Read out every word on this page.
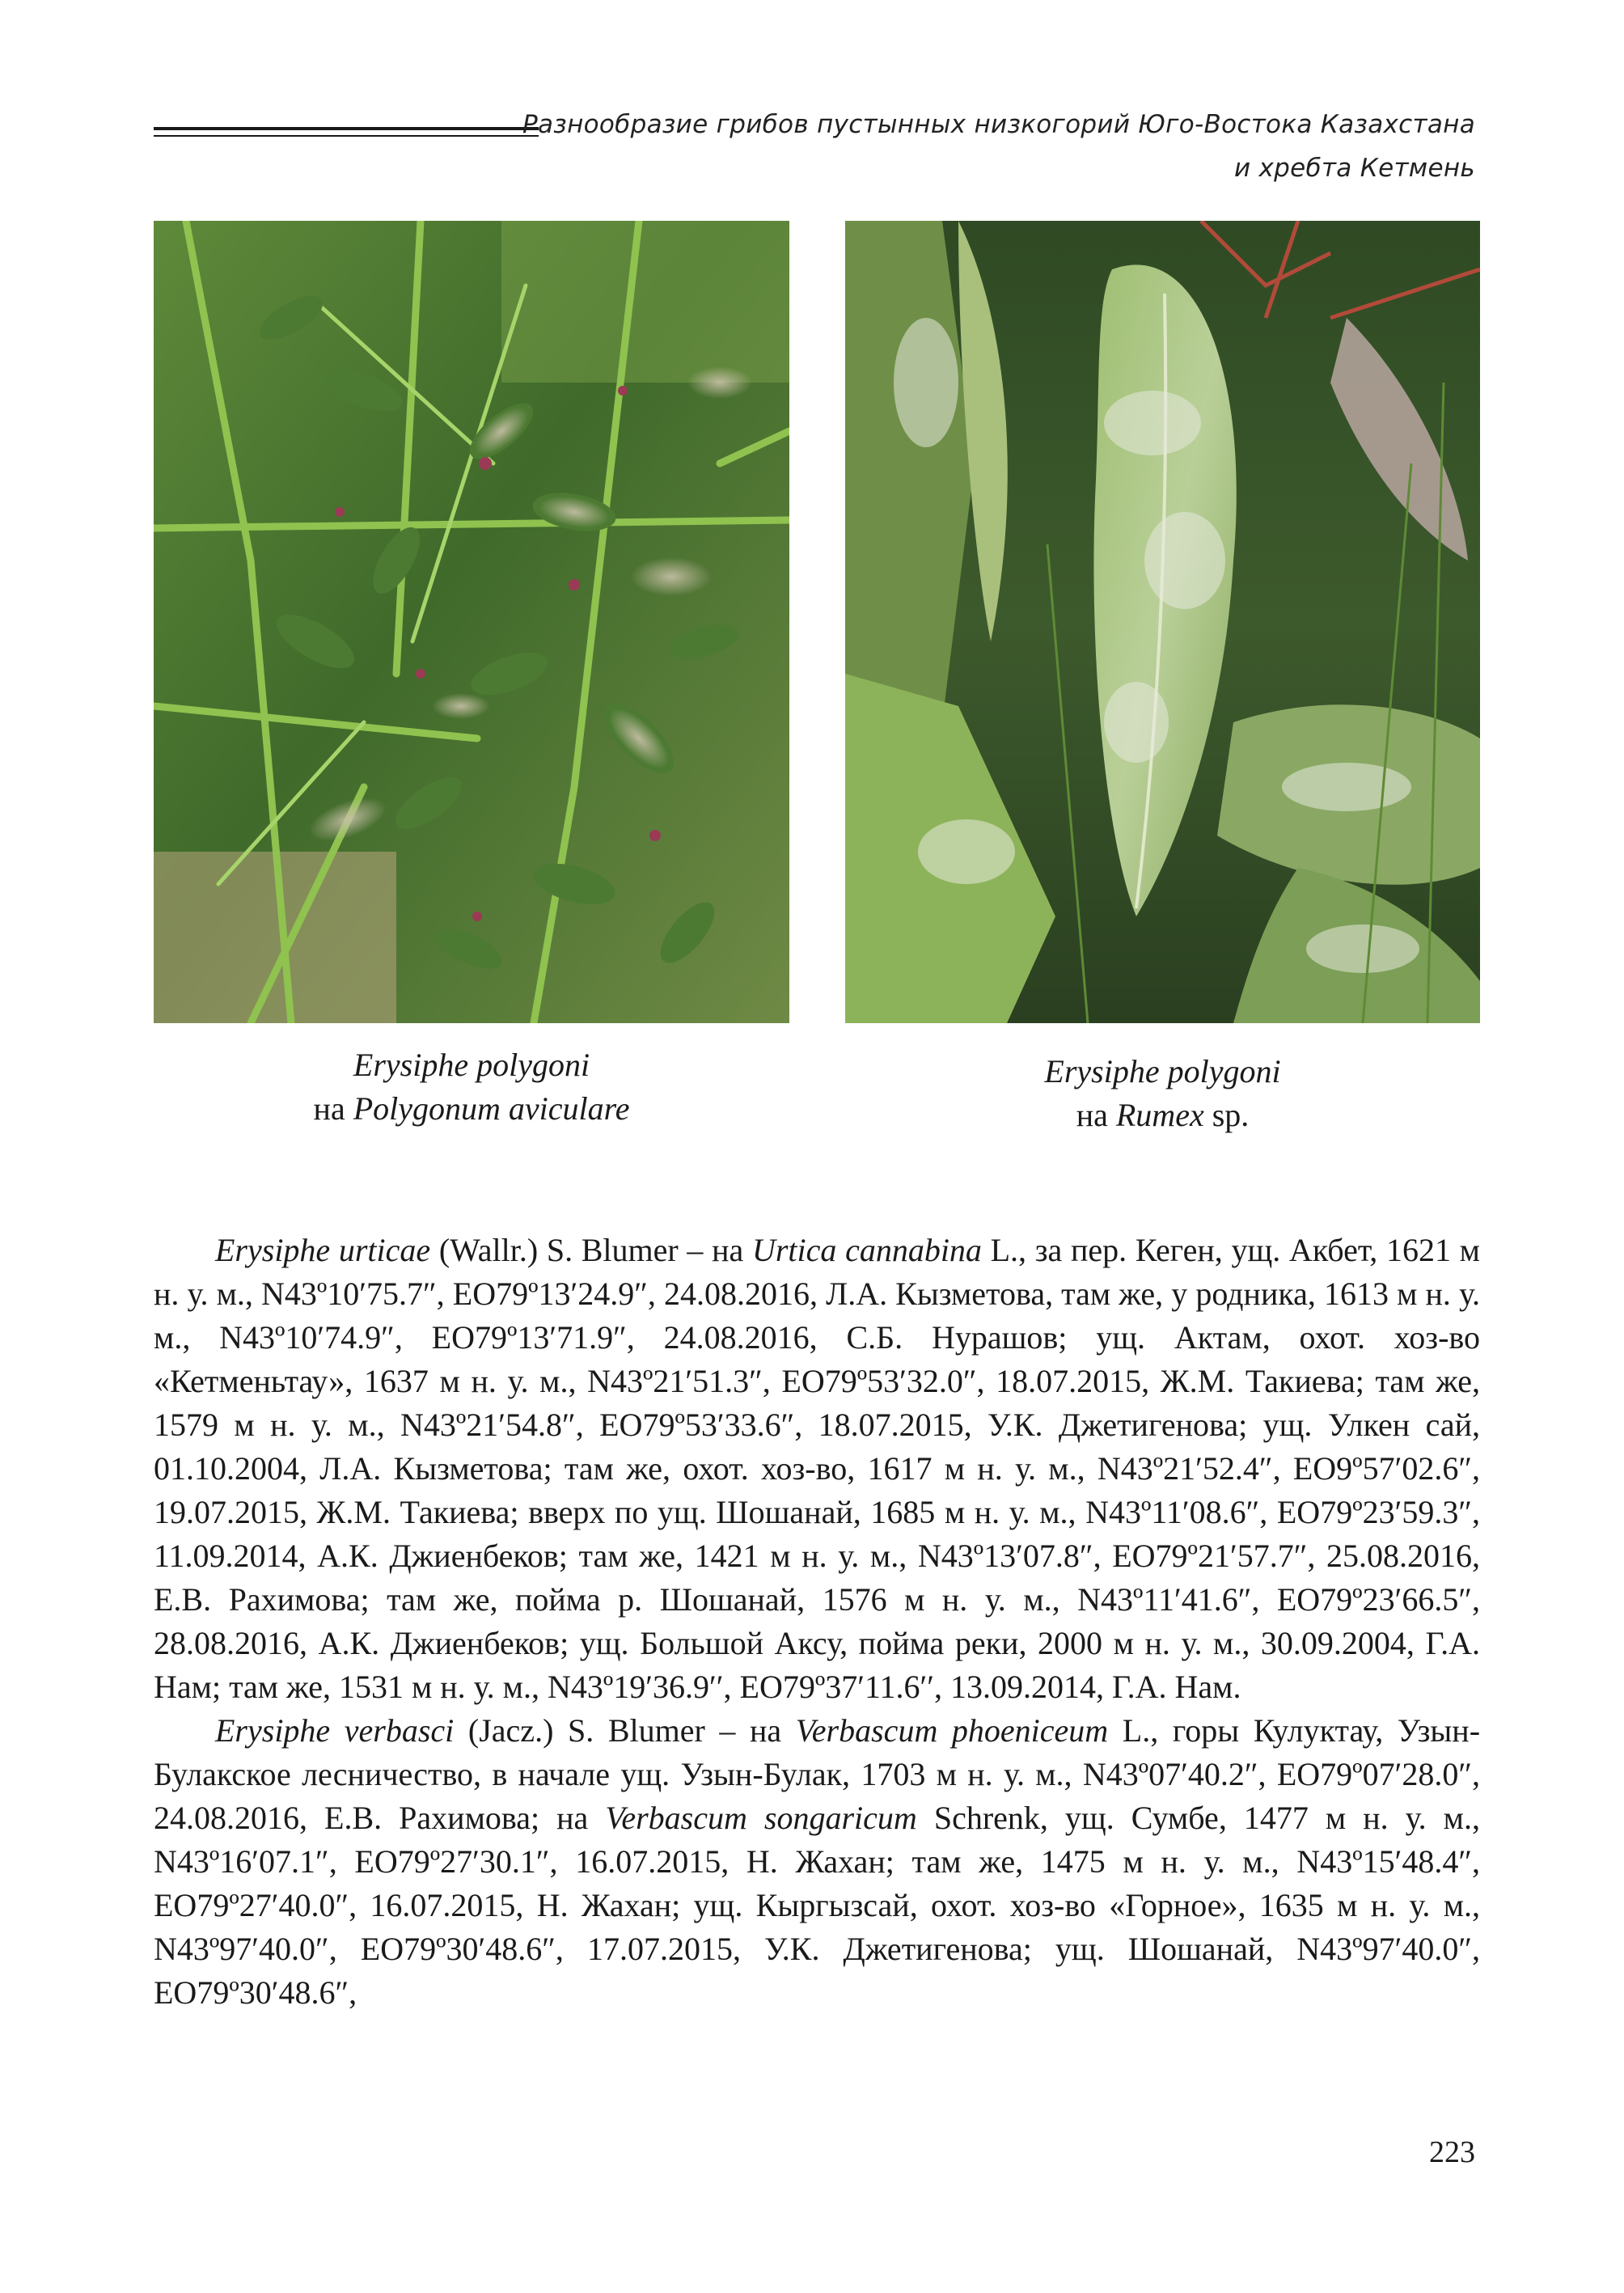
Разнообразие грибов пустынных низкогорий Юго-Востока Казахстана
и хребта Кетмень
Erysiphe polygoni
на Polygonum aviculare
Erysiphe polygoni
на Rumex sp.

Erysiphe urticae (Wallr.) S. Blumer – на Urtica cannabina L., за пер. Кеген, ущ. Акбет, 1621 м н. у. м., N43º10′75.7″, EO79º13′24.9″, 24.08.2016, Л.А. Кызметова, там же, у родника, 1613 м н. у. м., N43º10′74.9″, EO79º13′71.9″, 24.08.2016, С.Б. Нурашов; ущ. Актам, охот. хоз-во «Кетменьтау», 1637 м н. у. м., N43º21′51.3″, EO79º53′32.0″, 18.07.2015, Ж.М. Такиева; там же, 1579 м н. у. м., N43º21′54.8″, EO79º53′33.6″, 18.07.2015, У.К. Джетигенова; ущ. Улкен сай, 01.10.2004, Л.А. Кызметова; там же, охот. хоз-во, 1617 м н. у. м., N43º21′52.4″, EO9º57′02.6″, 19.07.2015, Ж.М. Такиева; вверх по ущ. Шошанай, 1685 м н. у. м., N43º11′08.6″, EO79º23′59.3″, 11.09.2014, А.К. Джиенбеков; там же, 1421 м н. у. м., N43º13′07.8″, EO79º21′57.7″, 25.08.2016, Е.В. Рахимова; там же, пойма р. Шошанай, 1576 м н. у. м., N43º11′41.6″, EO79º23′66.5″, 28.08.2016, А.К. Джиенбеков; ущ. Большой Аксу, пойма реки, 2000 м н. у. м., 30.09.2004, Г.А. Нам; там же, 1531 м н. у. м., N43º19′36.9′′, EO79º37′11.6′′, 13.09.2014, Г.А. Нам.

Erysiphe verbasci (Jacz.) S. Blumer – на Verbascum phoeniceum L., горы Кулуктау, Узын-Булакское лесничество, в начале ущ. Узын-Булак, 1703 м н. у. м., N43º07′40.2″, EO79º07′28.0″, 24.08.2016, Е.В. Рахимова; на Verbascum songaricum Schrenk, ущ. Сумбе, 1477 м н. у. м., N43º16′07.1″, EO79º27′30.1″, 16.07.2015, Н. Жахан; там же, 1475 м н. у. м., N43º15′48.4″, EO79º27′40.0″, 16.07.2015, Н. Жахан; ущ. Кыргызсай, охот. хоз-во «Горное», 1635 м н. у. м., N43º97′40.0″, EO79º30′48.6″, 17.07.2015, У.К. Джетигенова; ущ. Шошанай, N43º97′40.0″, EO79º30′48.6″,

223
